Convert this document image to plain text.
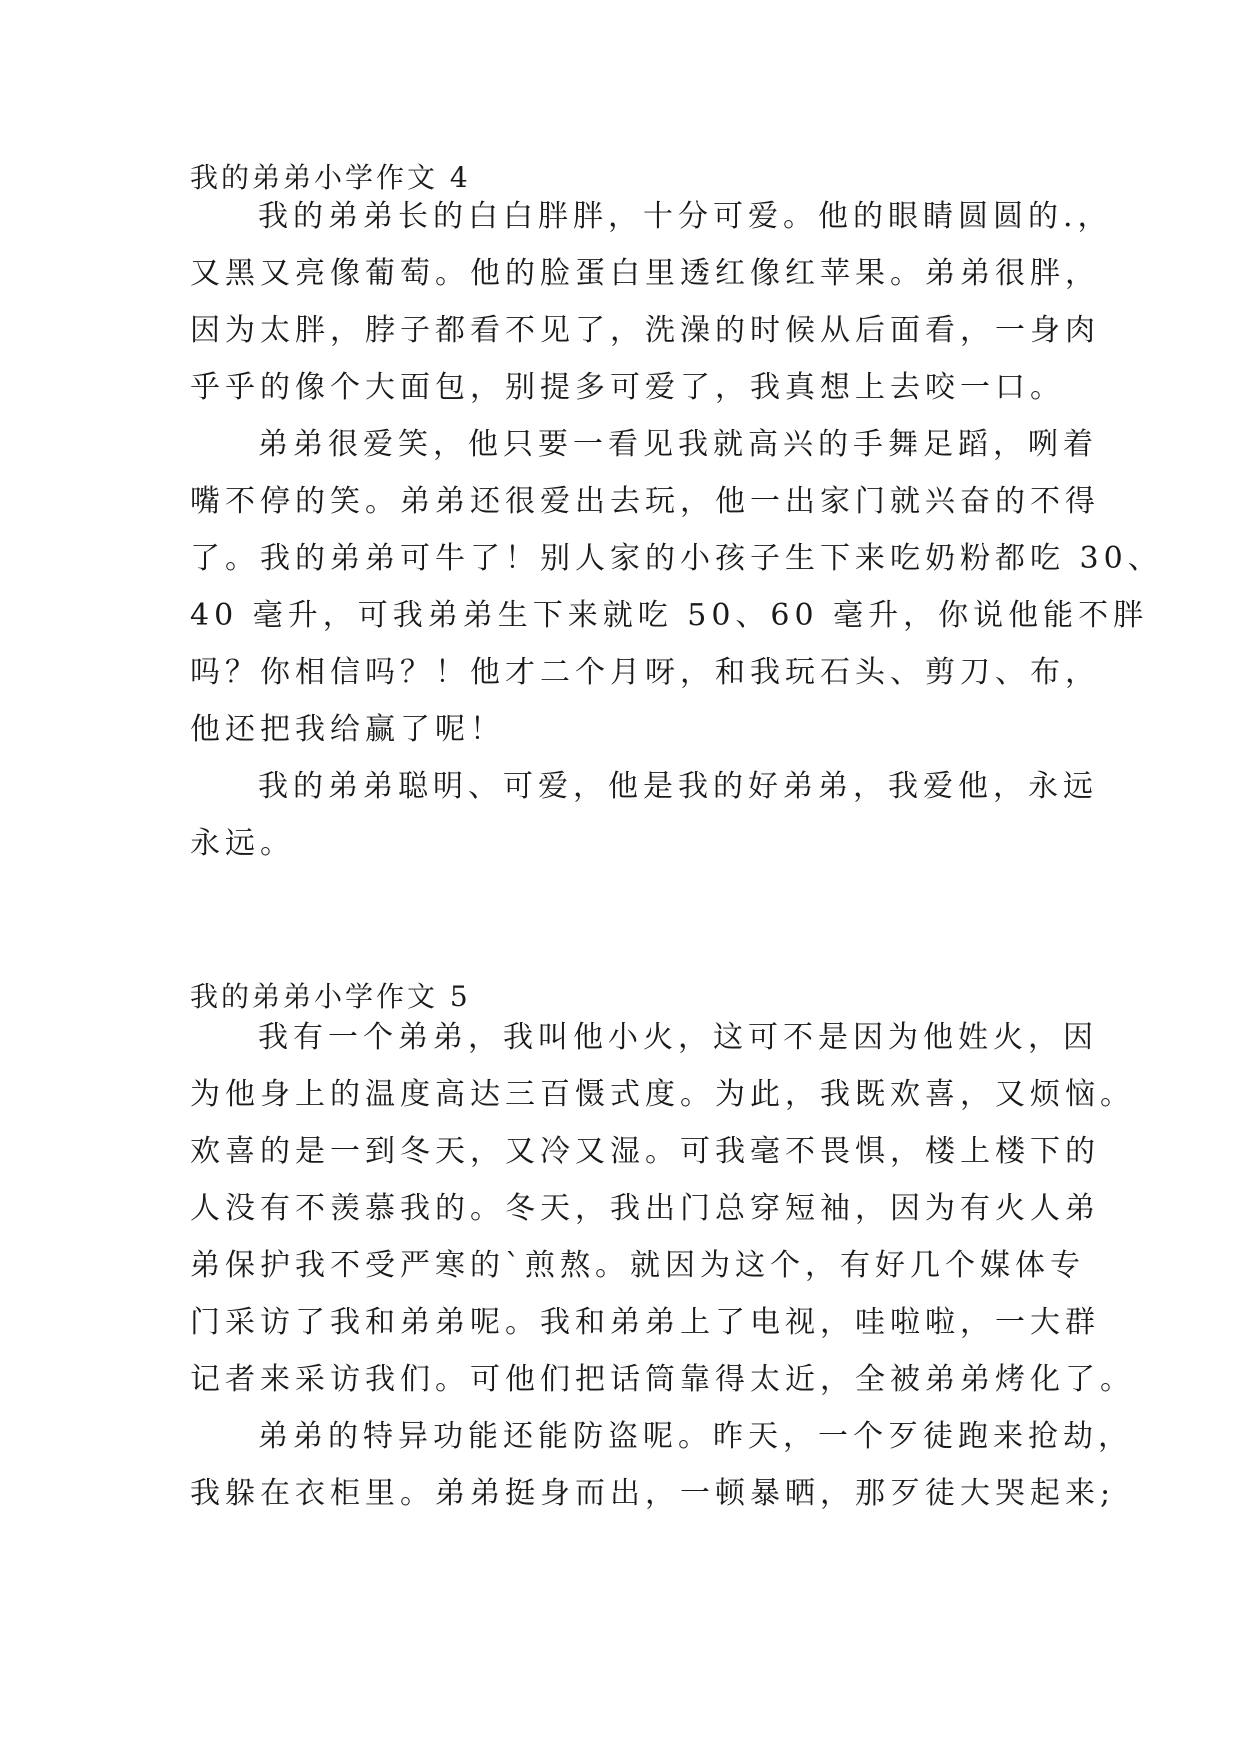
我的弟弟小学作文 4
我的弟弟长的白白胖胖，十分可爱。他的眼睛圆圆的.，
又黑又亮像葡萄。他的脸蛋白里透红像红苹果。弟弟很胖，
因为太胖，脖子都看不见了，洗澡的时候从后面看，一身肉
乎乎的像个大面包，别提多可爱了，我真想上去咬一口。
弟弟很爱笑，他只要一看见我就高兴的手舞足蹈，咧着
嘴不停的笑。弟弟还很爱出去玩，他一出家门就兴奋的不得
了。我的弟弟可牛了！别人家的小孩子生下来吃奶粉都吃 30、
40 毫升，可我弟弟生下来就吃 50、60 毫升，你说他能不胖
吗？你相信吗？！他才二个月呀，和我玩石头、剪刀、布，
他还把我给赢了呢！
我的弟弟聪明、可爱，他是我的好弟弟，我爱他，永远
永远。
我的弟弟小学作文 5
我有一个弟弟，我叫他小火，这可不是因为他姓火，因
为他身上的温度高达三百慑式度。为此，我既欢喜，又烦恼。
欢喜的是一到冬天，又冷又湿。可我毫不畏惧，楼上楼下的
人没有不羡慕我的。冬天，我出门总穿短袖，因为有火人弟
弟保护我不受严寒的`煎熬。就因为这个，有好几个媒体专
门采访了我和弟弟呢。我和弟弟上了电视，哇啦啦，一大群
记者来采访我们。可他们把话筒靠得太近，全被弟弟烤化了。
弟弟的特异功能还能防盗呢。昨天，一个歹徒跑来抢劫，
我躲在衣柜里。弟弟挺身而出，一顿暴晒，那歹徒大哭起来;
